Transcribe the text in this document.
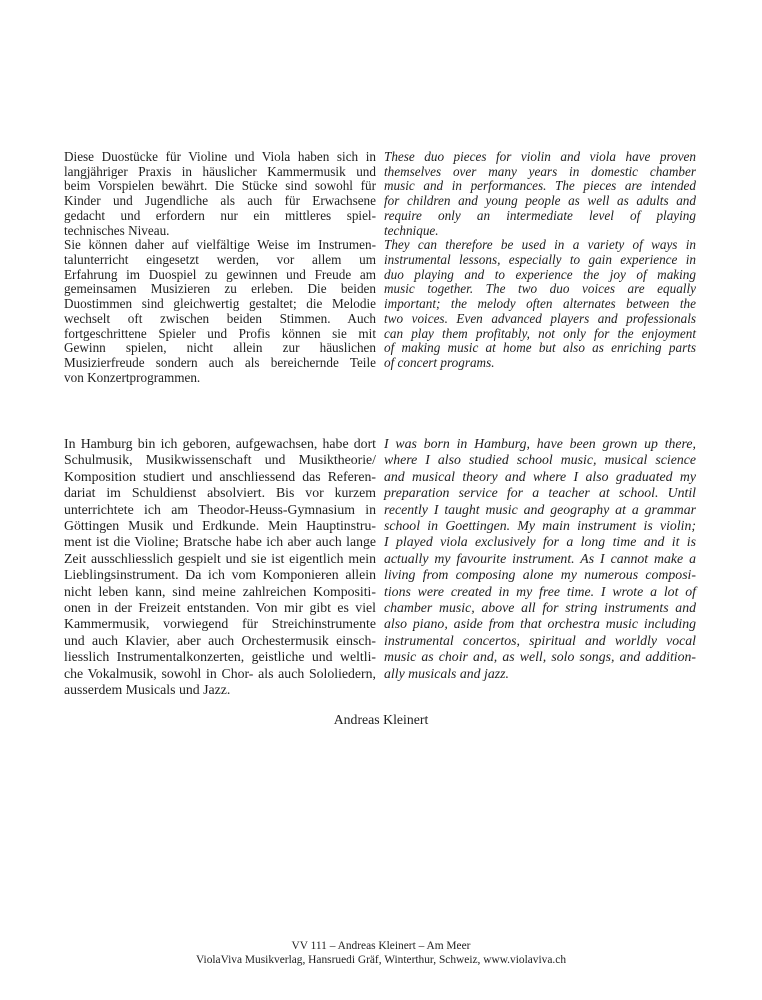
Diese Duostücke für Violine und Viola haben sich in
langjähriger Praxis in häuslicher Kammermusik und
beim Vorspielen bewährt. Die Stücke sind sowohl für
Kinder und Jugendliche als auch für Erwachsene
gedacht und erfordern nur ein mittleres spiel-
technisches Niveau.
Sie können daher auf vielfältige Weise im Instrumen-
talunterricht eingesetzt werden, vor allem um
Erfahrung im Duospiel zu gewinnen und Freude am
gemeinsamen Musizieren zu erleben. Die beiden
Duostimmen sind gleichwertig gestaltet; die Melodie
wechselt oft zwischen beiden Stimmen. Auch
fortgeschrittene Spieler und Profis können sie mit
Gewinn spielen, nicht allein zur häuslichen
Musizierfreude sondern auch als bereichernde Teile
von Konzertprogrammen.
These duo pieces for violin and viola have proven
themselves over many years in domestic chamber
music and in performances. The pieces are intended
for children and young people as well as adults and
require only an intermediate level of playing
technique.
They can therefore be used in a variety of ways in
instrumental lessons, especially to gain experience in
duo playing and to experience the joy of making
music together. The two duo voices are equally
important; the melody often alternates between the
two voices. Even advanced players and professionals
can play them profitably, not only for the enjoyment
of making music at home but also as enriching parts
of concert programs.
In Hamburg bin ich geboren, aufgewachsen, habe dort
Schulmusik, Musikwissenschaft und Musiktheorie/
Komposition studiert und anschliessend das Referen-
dariat im Schuldienst absolviert. Bis vor kurzem
unterrichtete ich am Theodor-Heuss-Gymnasium in
Göttingen Musik und Erdkunde. Mein Hauptinstru-
ment ist die Violine; Bratsche habe ich aber auch lange
Zeit ausschliesslich gespielt und sie ist eigentlich mein
Lieblingsinstrument. Da ich vom Komponieren allein
nicht leben kann, sind meine zahlreichen Kompositi-
onen in der Freizeit entstanden. Von mir gibt es viel
Kammermusik, vorwiegend für Streichinstrumente
und auch Klavier, aber auch Orchestermusik einsch-
liesslich Instrumentalkonzerten, geistliche und weltli-
che Vokalmusik, sowohl in Chor- als auch Sololiedern,
ausserdem Musicals und Jazz.
I was born in Hamburg, have been grown up there,
where I also studied school music, musical science
and musical theory and where I also graduated my
preparation service for a teacher at school. Until
recently I taught music and geography at a grammar
school in Goettingen. My main instrument is violin;
I played viola exclusively for a long time and it is
actually my favourite instrument. As I cannot make a
living from composing alone my numerous composi-
tions were created in my free time. I wrote a lot of
chamber music, above all for string instruments and
also piano, aside from that orchestra music including
instrumental concertos, spiritual and worldly vocal
music as choir and, as well, solo songs, and addition-
ally musicals and jazz.
Andreas Kleinert
VV 111 – Andreas Kleinert – Am Meer
ViolaViva Musikverlag, Hansruedi Gräf, Winterthur, Schweiz, www.violaviva.ch
